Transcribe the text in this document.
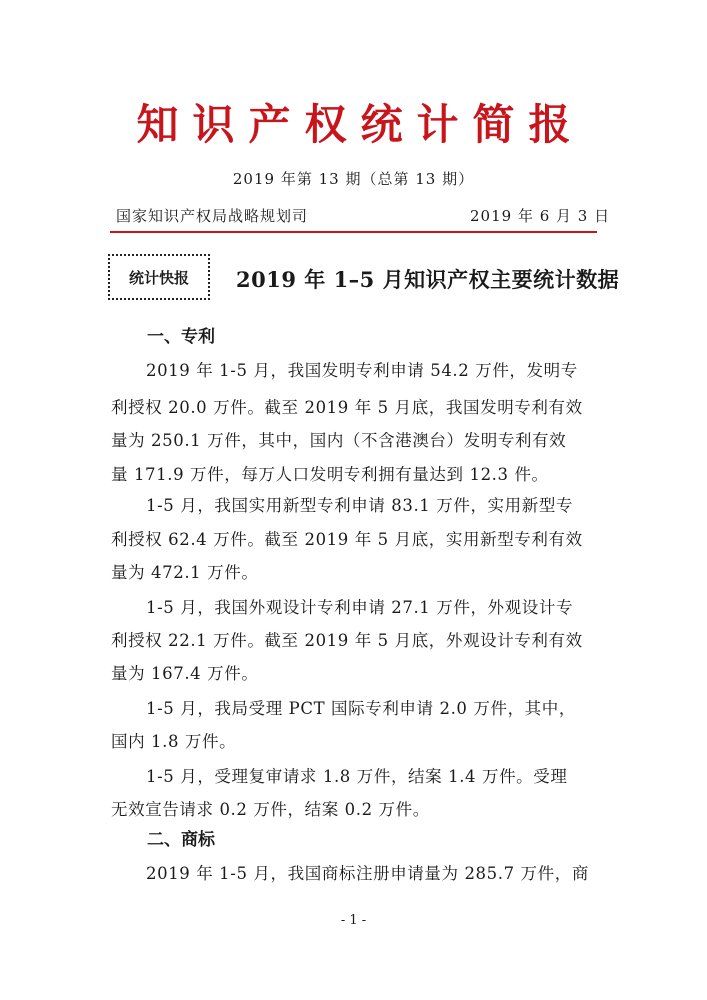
知识产权统计简报
2019 年第 13 期（总第 13 期）
国家知识产权局战略规划司	2019 年 6 月 3 日
统计快报 2019 年 1–5 月知识产权主要统计数据
一、专利
2019 年 1-5 月，我国发明专利申请 54.2 万件，发明专
利授权 20.0 万件。截至 2019 年 5 月底，我国发明专利有效
量为 250.1 万件，其中，国内（不含港澳台）发明专利有效
量 171.9 万件，每万人口发明专利拥有量达到 12.3 件。
1-5 月，我国实用新型专利申请 83.1 万件，实用新型专
利授权 62.4 万件。截至 2019 年 5 月底，实用新型专利有效
量为 472.1 万件。
1-5 月，我国外观设计专利申请 27.1 万件，外观设计专
利授权 22.1 万件。截至 2019 年 5 月底，外观设计专利有效
量为 167.4 万件。
1-5 月，我局受理 PCT 国际专利申请 2.0 万件，其中，
国内 1.8 万件。
1-5 月，受理复审请求 1.8 万件，结案 1.4 万件。受理
无效宣告请求 0.2 万件，结案 0.2 万件。
二、商标
2019 年 1-5 月，我国商标注册申请量为 285.7 万件，商
- 1 -
